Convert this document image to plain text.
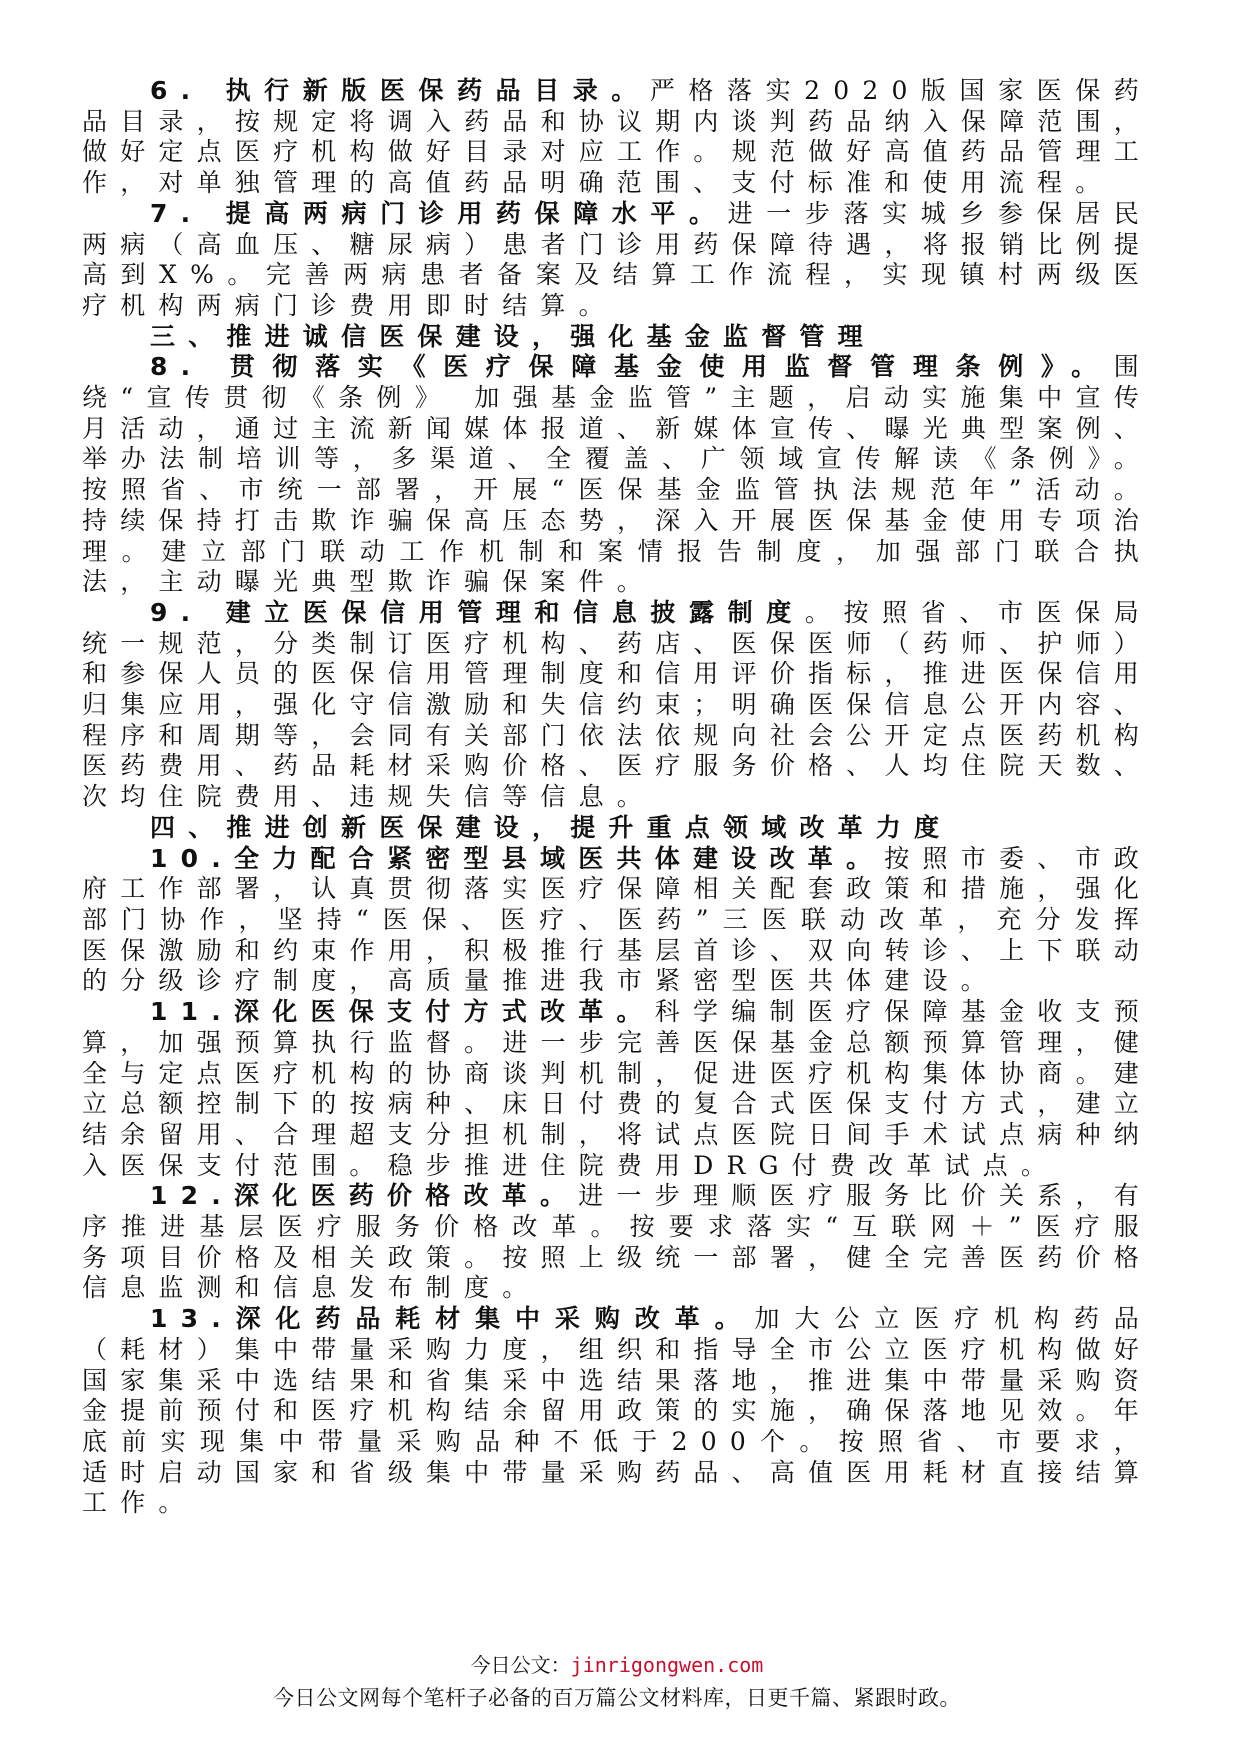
6. 执行新版医保药品目录。严格落实2020版国家医保药品目录，按规定将调入药品和协议期内谈判药品纳入保障范围，做好定点医疗机构做好目录对应工作。规范做好高值药品管理工作，对单独管理的高值药品明确范围、支付标准和使用流程。

7. 提高两病门诊用药保障水平。进一步落实城乡参保居民两病（高血压、糖尿病）患者门诊用药保障待遇，将报销比例提高到X%。完善两病患者备案及结算工作流程，实现镇村两级医疗机构两病门诊费用即时结算。

三、推进诚信医保建设，强化基金监督管理

8. 贯彻落实《医疗保障基金使用监督管理条例》。围绕“宣传贯彻《条例》 加强基金监管”主题，启动实施集中宣传月活动，通过主流新闻媒体报道、新媒体宣传、曝光典型案例、举办法制培训等，多渠道、全覆盖、广领域宣传解读《条例》。按照省、市统一部署，开展“医保基金监管执法规范年”活动。持续保持打击欺诈骗保高压态势，深入开展医保基金使用专项治理。建立部门联动工作机制和案情报告制度，加强部门联合执法，主动曝光典型欺诈骗保案件。

9. 建立医保信用管理和信息披露制度。按照省、市医保局统一规范，分类制订医疗机构、药店、医保医师（药师、护师）和参保人员的医保信用管理制度和信用评价指标，推进医保信用归集应用，强化守信激励和失信约束；明确医保信息公开内容、程序和周期等，会同有关部门依法依规向社会公开定点医药机构医药费用、药品耗材采购价格、医疗服务价格、人均住院天数、次均住院费用、违规失信等信息。

四、推进创新医保建设，提升重点领域改革力度

10.全力配合紧密型县域医共体建设改革。按照市委、市政府工作部署，认真贯彻落实医疗保障相关配套政策和措施，强化部门协作，坚持“医保、医疗、医药”三医联动改革，充分发挥医保激励和约束作用，积极推行基层首诊、双向转诊、上下联动的分级诊疗制度，高质量推进我市紧密型医共体建设。

11.深化医保支付方式改革。科学编制医疗保障基金收支预算，加强预算执行监督。进一步完善医保基金总额预算管理，健全与定点医疗机构的协商谈判机制，促进医疗机构集体协商。建立总额控制下的按病种、床日付费的复合式医保支付方式，建立结余留用、合理超支分担机制，将试点医院日间手术试点病种纳入医保支付范围。稳步推进住院费用DRG付费改革试点。

12.深化医药价格改革。进一步理顺医疗服务比价关系，有序推进基层医疗服务价格改革。按要求落实“互联网＋”医疗服务项目价格及相关政策。按照上级统一部署，健全完善医药价格信息监测和信息发布制度。

13.深化药品耗材集中采购改革。加大公立医疗机构药品（耗材）集中带量采购力度，组织和指导全市公立医疗机构做好国家集采中选结果和省集采中选结果落地，推进集中带量采购资金提前预付和医疗机构结余留用政策的实施，确保落地见效。年底前实现集中带量采购品种不低于200个。按照省、市要求，适时启动国家和省级集中带量采购药品、高值医用耗材直接结算工作。

今日公文：jinrigongwen.com
今日公文网每个笔杆子必备的百万篇公文材料库，日更千篇、紧跟时政。
